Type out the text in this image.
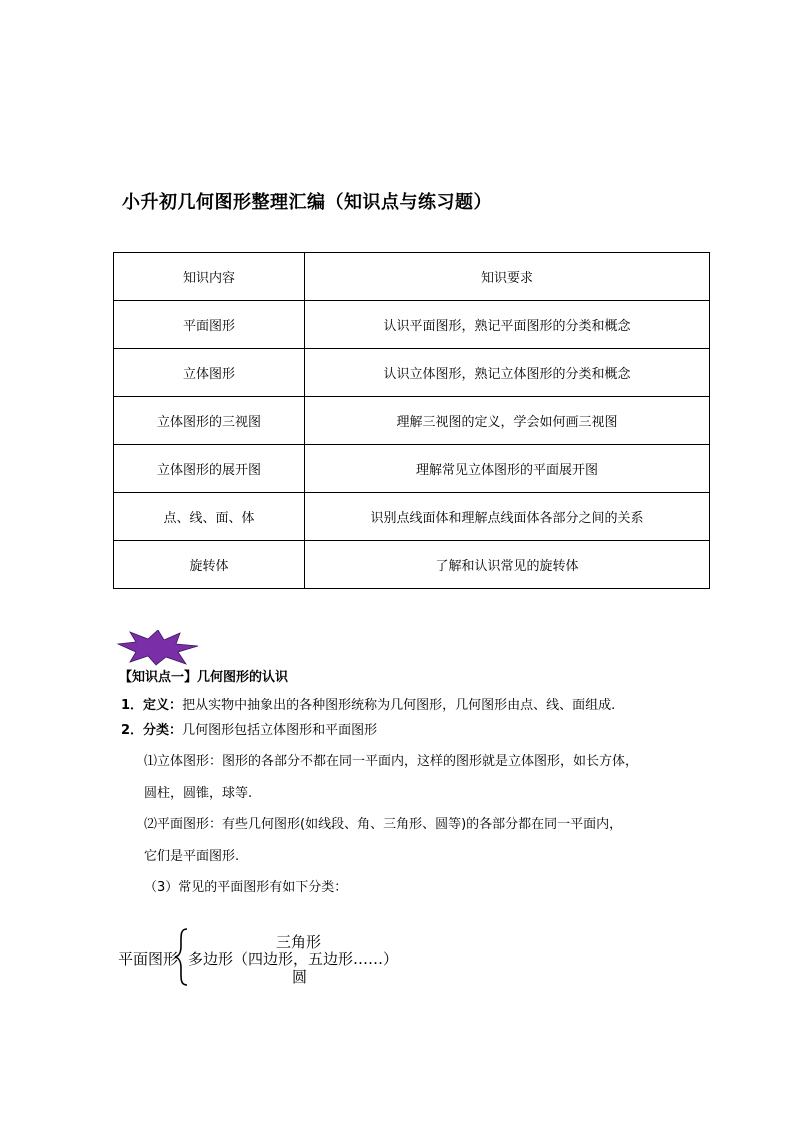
小升初几何图形整理汇编（知识点与练习题）
知识内容	知识要求
平面图形	认识平面图形，熟记平面图形的分类和概念
立体图形	认识立体图形，熟记立体图形的分类和概念
立体图形的三视图	理解三视图的定义，学会如何画三视图
立体图形的展开图	理解常见立体图形的平面展开图
点、线、面、体	识别点线面体和理解点线面体各部分之间的关系
旋转体	了解和认识常见的旋转体
【知识点一】几何图形的认识
1．定义：把从实物中抽象出的各种图形统称为几何图形，几何图形由点、线、面组成.
2．分类：几何图形包括立体图形和平面图形
⑴立体图形：图形的各部分不都在同一平面内，这样的图形就是立体图形，如长方体，
圆柱，圆锥，球等.
⑵平面图形：有些几何图形(如线段、角、三角形、圆等)的各部分都在同一平面内，
它们是平面图形.
（3）常见的平面图形有如下分类：
平面图形
三角形
多边形（四边形，五边形……）
圆
